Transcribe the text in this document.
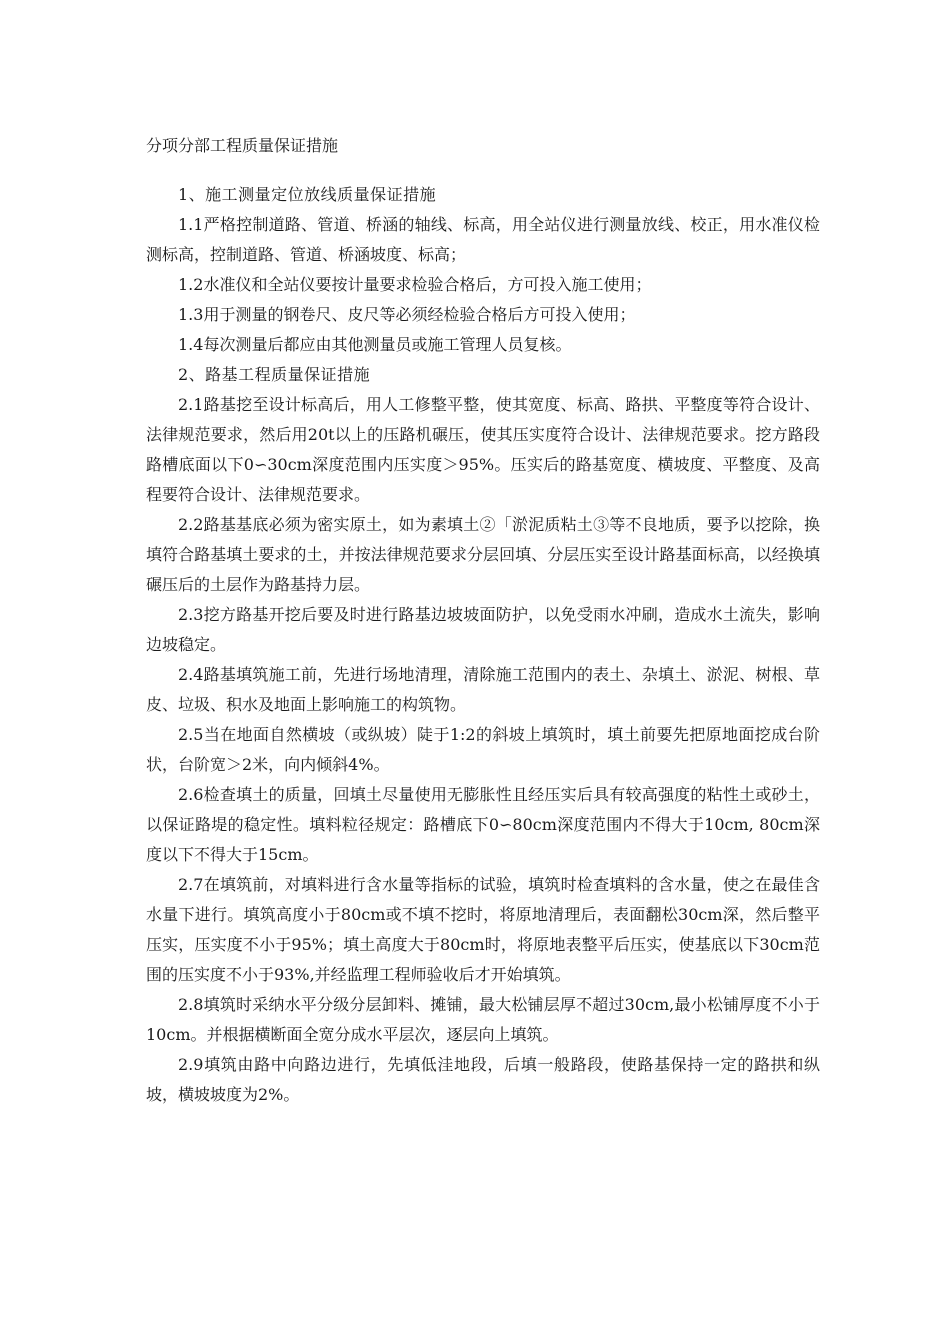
分项分部工程质量保证措施

1、施工测量定位放线质量保证措施

1.1严格控制道路、管道、桥涵的轴线、标高，用全站仪进行测量放线、校正，用水准仪检测标高，控制道路、管道、桥涵坡度、标高；

1.2水准仪和全站仪要按计量要求检验合格后，方可投入施工使用；

1.3用于测量的钢卷尺、皮尺等必须经检验合格后方可投入使用；

1.4每次测量后都应由其他测量员或施工管理人员复核。

2、路基工程质量保证措施

2.1路基挖至设计标高后，用人工修整平整，使其宽度、标高、路拱、平整度等符合设计、法律规范要求，然后用20t以上的压路机碾压，使其压实度符合设计、法律规范要求。挖方路段路槽底面以下0∽30cm深度范围内压实度＞95%。压实后的路基宽度、横坡度、平整度、及高程要符合设计、法律规范要求。

2.2路基基底必须为密实原土，如为素填土②「淤泥质粘土③等不良地质，要予以挖除，换填符合路基填土要求的土，并按法律规范要求分层回填、分层压实至设计路基面标高，以经换填碾压后的土层作为路基持力层。

2.3挖方路基开挖后要及时进行路基边坡坡面防护，以免受雨水冲刷，造成水土流失，影响边坡稳定。

2.4路基填筑施工前，先进行场地清理，清除施工范围内的表土、杂填土、淤泥、树根、草皮、垃圾、积水及地面上影响施工的构筑物。

2.5当在地面自然横坡（或纵坡）陡于1:2的斜坡上填筑时，填土前要先把原地面挖成台阶状，台阶宽＞2米，向内倾斜4%。

2.6检查填土的质量，回填土尽量使用无膨胀性且经压实后具有较高强度的粘性土或砂土，以保证路堤的稳定性。填料粒径规定：路槽底下0∽80cm深度范围内不得大于10cm, 80cm深度以下不得大于15cm。

2.7在填筑前，对填料进行含水量等指标的试验，填筑时检查填料的含水量，使之在最佳含水量下进行。填筑高度小于80cm或不填不挖时，将原地清理后，表面翻松30cm深，然后整平压实，压实度不小于95%；填土高度大于80cm时，将原地表整平后压实，使基底以下30cm范围的压实度不小于93%,并经监理工程师验收后才开始填筑。

2.8填筑时采纳水平分级分层卸料、摊铺，最大松铺层厚不超过30cm,最小松铺厚度不小于10cm。并根据横断面全宽分成水平层次，逐层向上填筑。

2.9填筑由路中向路边进行，先填低洼地段，后填一般路段，使路基保持一定的路拱和纵坡，横坡坡度为2%。
